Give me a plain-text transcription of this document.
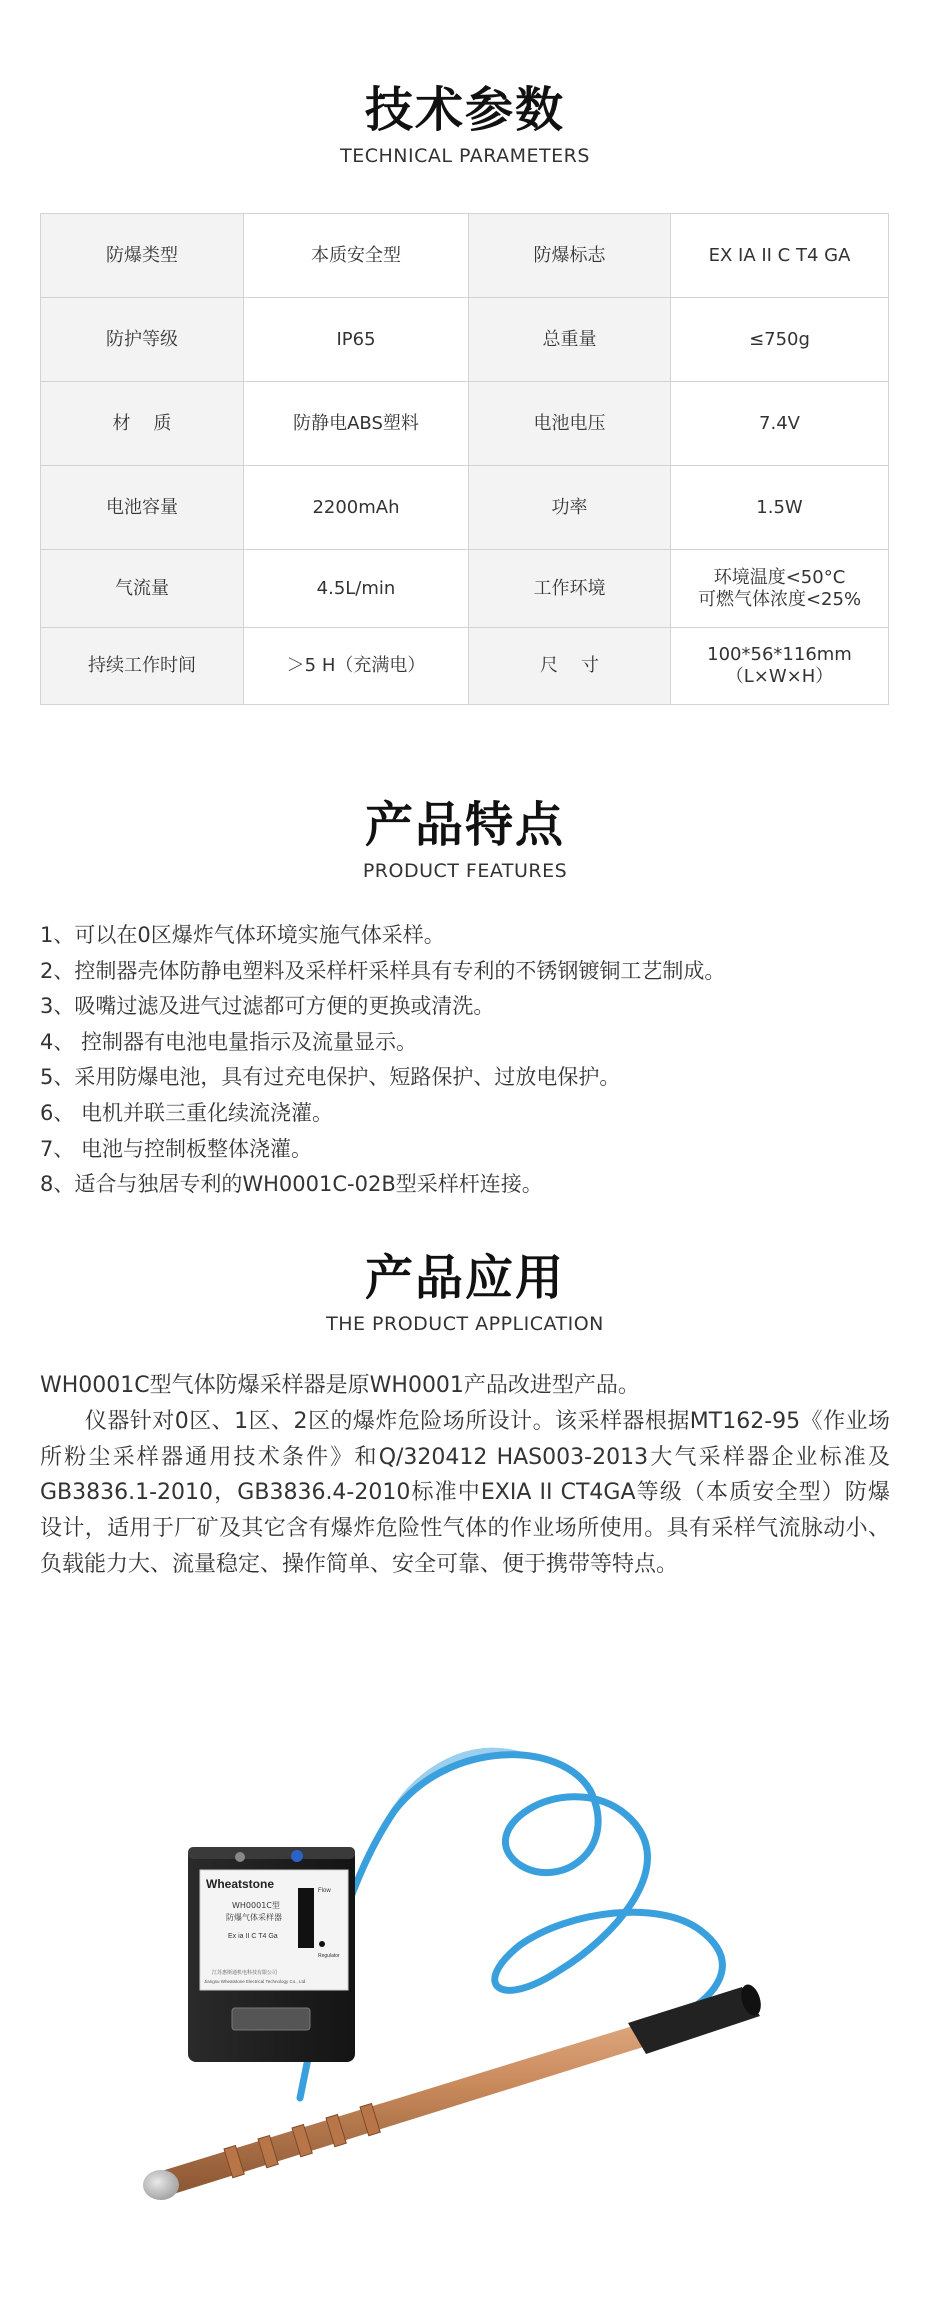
技术参数
TECHNICAL PARAMETERS
防爆类型	本质安全型	防爆标志	EX IA II C T4 GA

防护等级	IP65	总重量	≤750g

材    质	防静电ABS塑料	电池电压	7.4V

电池容量	2200mAh	功率	1.5W

气流量	4.5L/min	工作环境	环境温度<50°C
可燃气体浓度<25%

持续工作时间	＞5 H（充满电）	尺    寸	100*56*116mm
（L×W×H）
产品特点
PRODUCT FEATURES
1、可以在0区爆炸气体环境实施气体采样。
2、控制器壳体防静电塑料及采样杆采样具有专利的不锈钢镀铜工艺制成。
3、吸嘴过滤及进气过滤都可方便的更换或清洗。
4、 控制器有电池电量指示及流量显示。
5、采用防爆电池，具有过充电保护、短路保护、过放电保护。
6、 电机并联三重化续流浇灌。
7、 电池与控制板整体浇灌。
8、适合与独居专利的WH0001C-02B型采样杆连接。
产品应用
THE PRODUCT APPLICATION

WH0001C型气体防爆采样器是原WH0001产品改进型产品。

　　仪器针对0区、1区、2区的爆炸危险场所设计。该采样器根据MT162-95《作业场所粉尘采样器通用技术条件》和Q/320412 HAS003-2013大气采样器企业标准及GB3836.1-2010，GB3836.4-2010标准中EXIA II CT4GA等级（本质安全型）防爆设计，适用于厂矿及其它含有爆炸危险性气体的作业场所使用。具有采样气流脉动小、负载能力大、流量稳定、操作简单、安全可靠、便于携带等特点。

Wheatstone
WH0001C型
防爆气体采样器
Ex ia II C T4 Ga
Flow
Regulator
江苏惠斯通机电科技有限公司
Jiangsu Wheatstone Electrical Technology Co., Ltd
